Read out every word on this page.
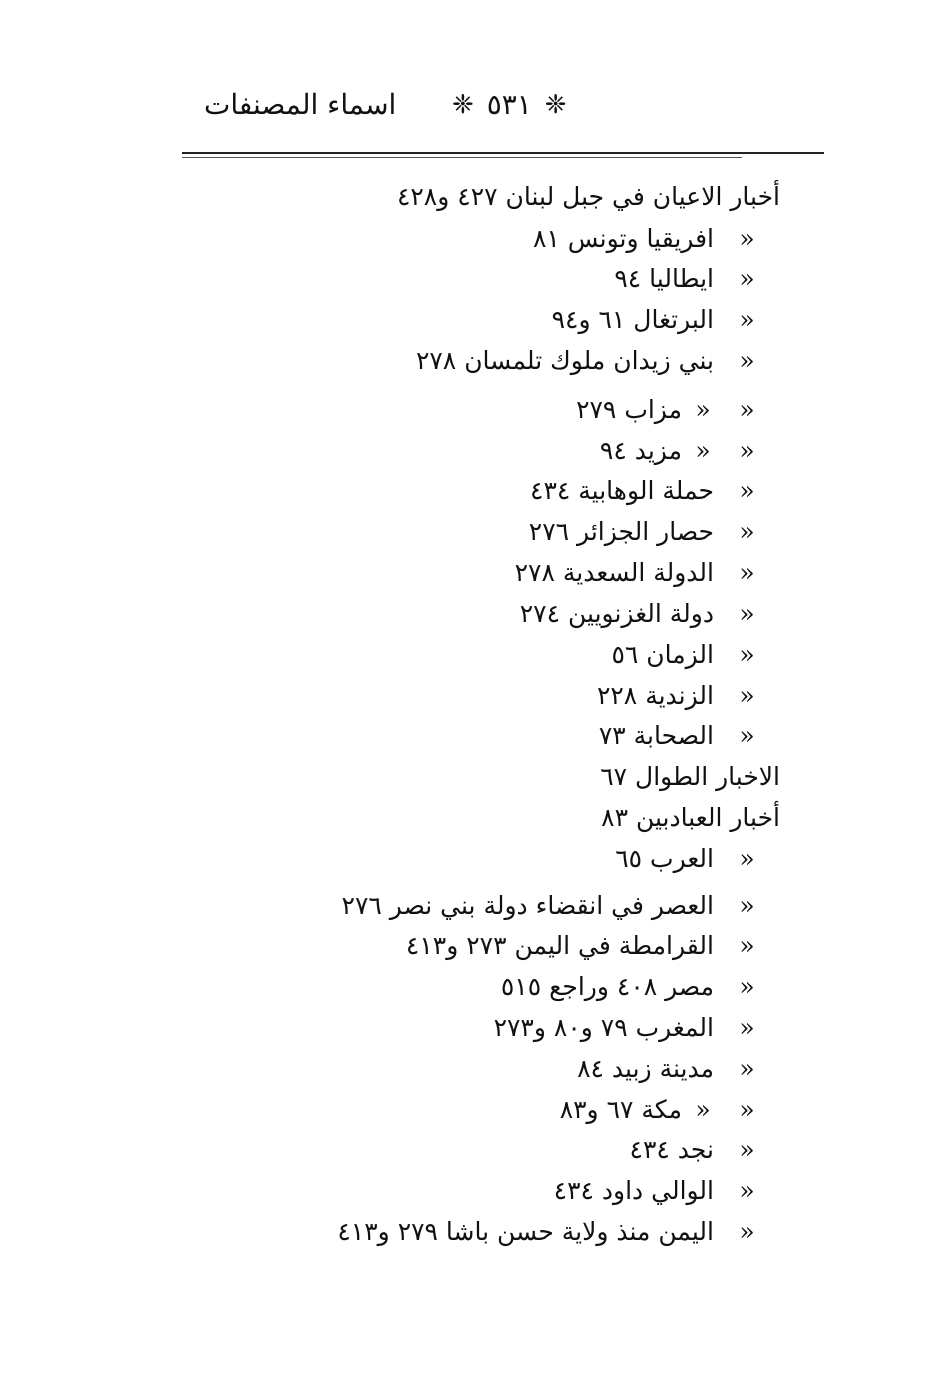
اسماء المصنفات	❈ ٥٣١ ❈
أخبار الاعيان في جبل لبنان ٤٢٧ و٤٢٨
«افريقيا وتونس ٨١
«ايطاليا ٩٤
«البرتغال ٦١ و٩٤
«بني زيدان ملوك تلمسان ٢٧٨
««مزاب ٢٧٩
««مزيد ٩٤
«حملة الوهابية ٤٣٤
«حصار الجزائر ٢٧٦
«الدولة السعدية ٢٧٨
«دولة الغزنويين ٢٧٤
«الزمان ٥٦
«الزندية ٢٢٨
«الصحابة ٧٣
الاخبار الطوال ٦٧
أخبار العبادبين ٨٣
«العرب ٦٥
«العصر في انقضاء دولة بني نصر ٢٧٦
«القرامطة في اليمن ٢٧٣ و٤١٣
«مصر ٤٠٨ وراجع ٥١٥
«المغرب ٧٩ و٨٠ و٢٧٣
«مدينة زبيد ٨٤
««مكة ٦٧ و٨٣
«نجد ٤٣٤
«الوالي داود ٤٣٤
«اليمن منذ ولاية حسن باشا ٢٧٩ و٤١٣
